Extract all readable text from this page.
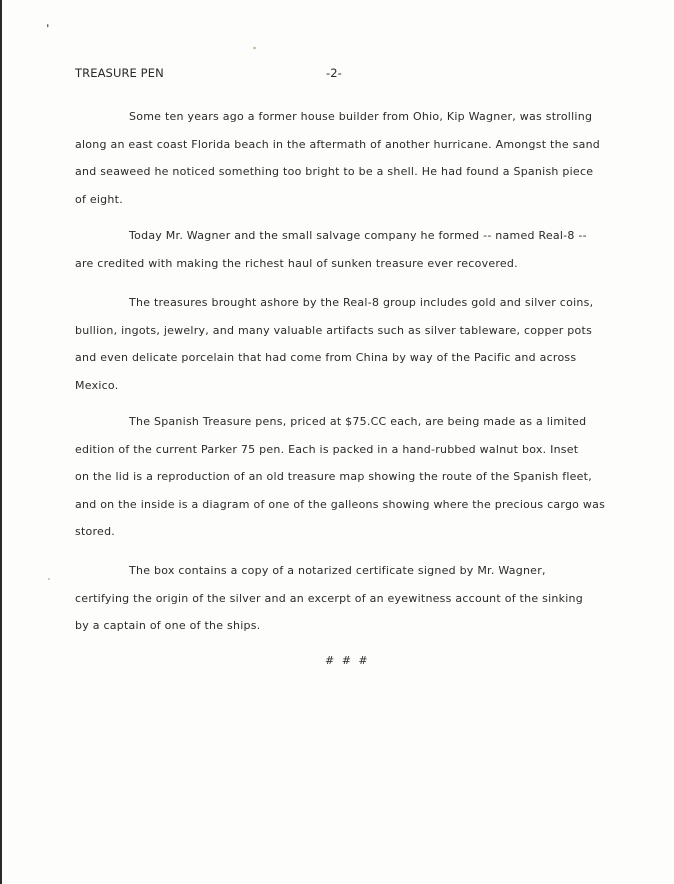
ʼ
TREASURE PEN	-2-
Some ten years ago a former house builder from Ohio, Kip Wagner, was strolling
along an east coast Florida beach in the aftermath of another hurricane. Amongst the sand
and seaweed he noticed something too bright to be a shell. He had found a Spanish piece
of eight.
Today Mr. Wagner and the small salvage company he formed -- named Real-8 --
are credited with making the richest haul of sunken treasure ever recovered.
The treasures brought ashore by the Real-8 group includes gold and silver coins,
bullion, ingots, jewelry, and many valuable artifacts such as silver tableware, copper pots
and even delicate porcelain that had come from China by way of the Pacific and across
Mexico.
The Spanish Treasure pens, priced at $75.CC each, are being made as a limited
edition of the current Parker 75 pen. Each is packed in a hand-rubbed walnut box. Inset
on the lid is a reproduction of an old treasure map showing the route of the Spanish fleet,
and on the inside is a diagram of one of the galleons showing where the precious cargo was
stored.
The box contains a copy of a notarized certificate signed by Mr. Wagner,
certifying the origin of the silver and an excerpt of an eyewitness account of the sinking
by a captain of one of the ships.
# # #
